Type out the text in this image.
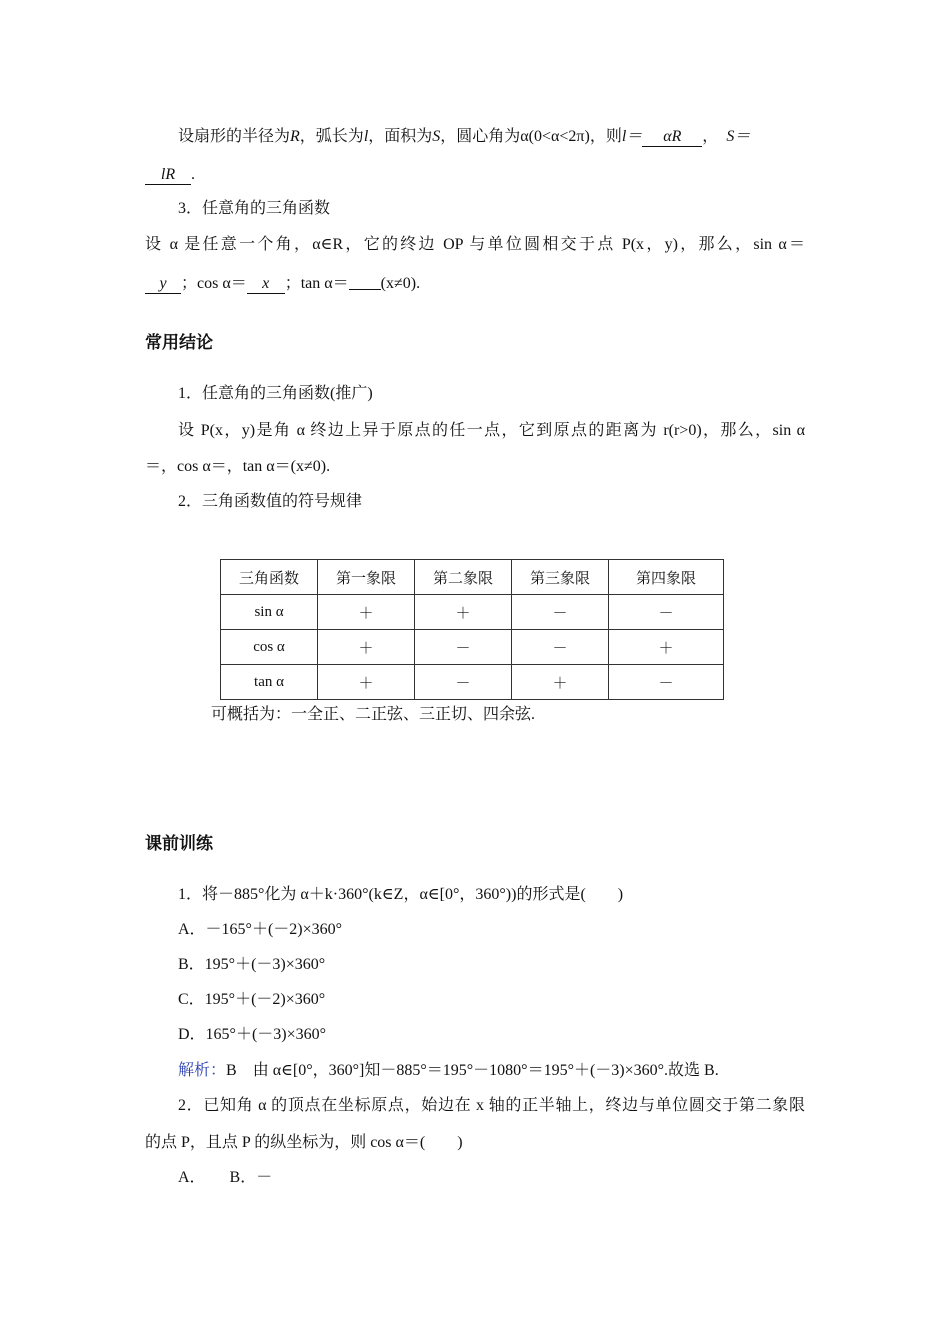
设扇形的半径为R，弧长为l，面积为S，圆心角为α(0<α<2π)，则l＝ αR ， S＝
lR .
3．任意角的三角函数
设 α 是任意一个角，α∈R，它的终边 OP 与单位圆相交于点 P(x，y)，那么，sin α＝
y ；cos α＝ x ；tan α＝ (x≠0).
常用结论
1．任意角的三角函数(推广)
设 P(x，y)是角 α 终边上异于原点的任一点，它到原点的距离为 r(r>0)，那么，sin α
＝，cos α＝，tan α＝(x≠0).
2．三角函数值的符号规律
三角函数	第一象限	第二象限	第三象限	第四象限
sin α	＋	＋	－	－
cos α	＋	－	－	＋
tan α	＋	－	＋	－
可概括为：一全正、二正弦、三正切、四余弦.
课前训练
1．将－885°化为 α＋k·360°(k∈Z，α∈[0°，360°))的形式是(　　)
A．－165°＋(－2)×360°
B．195°＋(－3)×360°
C．195°＋(－2)×360°
D．165°＋(－3)×360°
解析：B　由 α∈[0°，360°]知－885°＝195°－1080°＝195°＋(－3)×360°.故选 B.
2．已知角 α 的顶点在坐标原点，始边在 x 轴的正半轴上，终边与单位圆交于第二象限
的点 P，且点 P 的纵坐标为，则 cos α＝(　　)
A．　　B．－
